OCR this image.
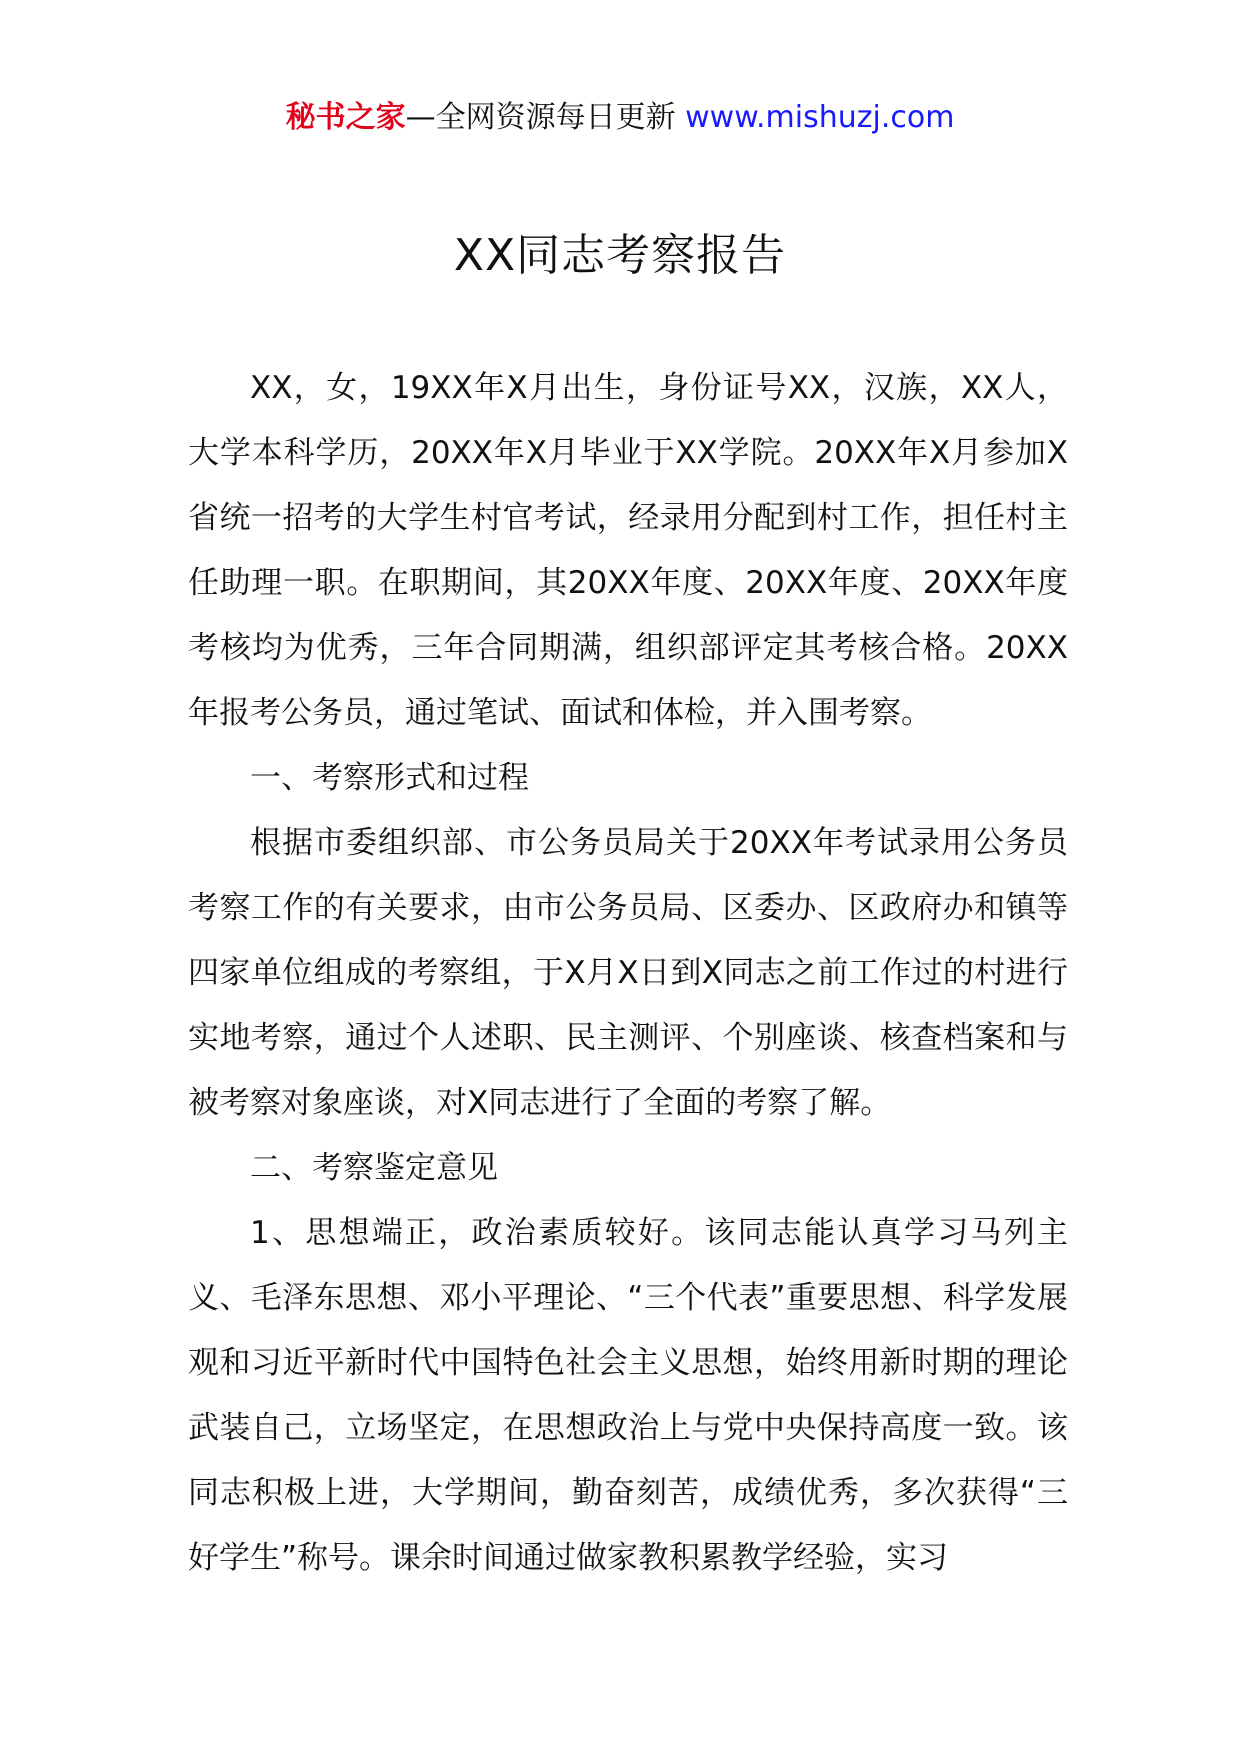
秘书之家—全网资源每日更新 www.mishuzj.com
XX同志考察报告

XX，女，19XX年X月出生，身份证号XX，汉族，XX人，大学本科学历，20XX年X月毕业于XX学院。20XX年X月参加X省统一招考的大学生村官考试，经录用分配到村工作，担任村主任助理一职。在职期间，其20XX年度、20XX年度、20XX年度考核均为优秀，三年合同期满，组织部评定其考核合格。20XX年报考公务员，通过笔试、面试和体检，并入围考察。

一、考察形式和过程

根据市委组织部、市公务员局关于20XX年考试录用公务员考察工作的有关要求，由市公务员局、区委办、区政府办和镇等四家单位组成的考察组，于X月X日到X同志之前工作过的村进行实地考察，通过个人述职、民主测评、个别座谈、核查档案和与被考察对象座谈，对X同志进行了全面的考察了解。

二、考察鉴定意见

1、思想端正，政治素质较好。该同志能认真学习马列主义、毛泽东思想、邓小平理论、“三个代表”重要思想、科学发展观和习近平新时代中国特色社会主义思想，始终用新时期的理论武装自己，立场坚定，在思想政治上与党中央保持高度一致。该同志积极上进，大学期间，勤奋刻苦，成绩优秀，多次获得“三好学生”称号。课余时间通过做家教积累教学经验，实习
